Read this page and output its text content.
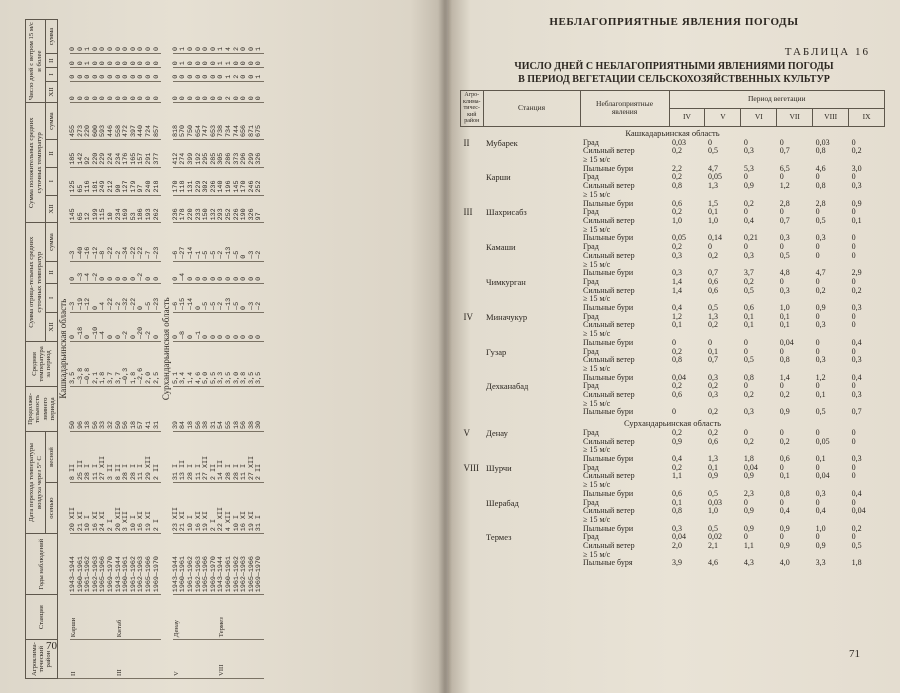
Агроклима-тический район	Станция	Годы наблюдений	Дата перехода температуры воздуха через 5° С		Продолжи-тельность зимнего периода	Средняя температура за период	Сумма отрица-тельных средних суточных температур				Сумма положительных средних суточных температур				Число дней с ветром 15 м/с и более			
			осенью	весной			XII	I	II	сумма	XII	I	II	сумма	XII	I	II	сумма
Кашкадарьинская область																		
II	Карши	1943—1944	20 XII	8 II	50	3,5	0	—3	0	—3	145	125	185	455	0	0	0	0
		1960—1961	21 XI	25 II	96	—3,8	—18	—19	—3	—40	65	65	142	273	0	0	0	0
		1961—1962	10 I	28 I	18	—0,8	0	—12	—4	—16	12	116	92	220	0	0	1	1
		1962—1963	16 XI	11 I	56	2,1	—10	0	—2	—12	199	181	220	600	0	0	0	0
		1965—1966	24 XI	27 XII	33	1,8	—4	—4	0	—8	115	249	229	593	0	0	0	0
		1969—1970	2 I	3 II	32	3,7	0	—22	0	—22	10	212	224	446	0	0	0	0
III	Китаб	1943—1944	20 XII	8 II	50	3,7	0	—2	0	—2	234	90	234	558	0	0	0	0
		1960—1961	3 XII	28 I	56	—0,3	—2	—32	0	—34	169	127	176	472	0	0	0	0
		1961—1962	10 I	28 I	18	1,8	0	—22	0	—22	53	179	165	397	0	0	0	0
		1962—1963	16 XI	11 I	57	—2,6	—20	0	—2	—22	186	97	157	440	0	0	0	0
		1965—1966	19 XI	29 XII	41	2,0	—2	—5	0	—7	193	240	291	724	0	0	0	0
		1969—1970	2 I	2 II	31	2,5	0	—23	0	—23	262	218	377	857	0	0	0	0
Сурхандарьинская область																		
V	Денау	1943—1944	23 XII	31 I	39	5,1	0	—6	0	—6	236	170	412	818	0	0	0	0
		1960—1961	21 XI	13 II	84	3,4	—8	—15	—4	—27	178	118	274	570	0	0	1	1
		1961—1962	10 I	28 I	18	1,4	0	—14	0	—14	220	131	399	750	0	0	0	0
		1962—1963	16 XI	11 I	56	4,6	—1	0	0	—1	233	229	192	654	0	0	0	0
		1965—1966	19 XI	27 XII	38	5,0	0	—5	0	—5	150	302	295	747	0	0	0	0
		1969—1970	2 I	2 II	31	5,5	0	—5	0	—5	132	236	285	653	0	0	0	0
VIII	Термез	1943—1944	22 XII	14 II	54	3,3	0	—2	0	—2	293	140	305	738	0	0	1	1
		1960—1961	4 XII	28 I	55	3,5	0	—13	0	—13	252	196	286	734	2	1	1	4
		1961—1962	10 I	28 I	18	3,0	0	—5	0	—5	226	145	373	744	0	2	0	2
		1962—1963	16 XI	11 I	56	3,8	0	0	0	0	190	170	296	656	0	0	0	0
		1965—1966	19 XI	27 XII	38	3,5	0	—3	0	—3	326	246	299	871	0	0	0	0
		1969—1970	31 I	2 II	30	3,5	0	—2	0	—2	97	252	326	675	0	1	0	1
70
НЕБЛАГОПРИЯТНЫЕ ЯВЛЕНИЯ ПОГОДЫ
ТАБЛИЦА 16
ЧИСЛО ДНЕЙ С НЕБЛАГОПРИЯТНЫМИ ЯВЛЕНИЯМИ ПОГОДЫ
В ПЕРИОД ВЕГЕТАЦИИ СЕЛЬСКОХОЗЯЙСТВЕННЫХ КУЛЬТУР
Агро-клима-тичес-кий район	Станция	Неблагоприятные явления	Период вегетации					
			IV	V	VI	VII	VIII	IX
Кашкадарьинская область								
II	Мубарек	Град	0,03	0	0	0	0,03	0
		Сильный ветер	0,2	0,5	0,3	0,7	0,8	0,2
		≥ 15 м/с						
		Пыльные бури	2,2	4,7	5,3	6,5	4,6	3,0
	Карши	Град	0,2	0,05	0	0	0	0
		Сильный ветер	0,8	1,3	0,9	1,2	0,8	0,3
		≥ 15 м/с						
		Пыльные бури	0,6	1,5	0,2	2,8	2,8	0,9
III	Шахрисабз	Град	0,2	0,1	0	0	0	0
		Сильный ветер	1,0	1,0	0,4	0,7	0,5	0,1
		≥ 15 м/с						
		Пыльные бури	0,05	0,14	0,21	0,3	0,3	0
	Камаши	Град	0,2	0	0	0	0	0
		Сильный ветер	0,3	0,2	0,3	0,5	0	0
		≥ 15 м/с						
		Пыльные бури	0,3	0,7	3,7	4,8	4,7	2,9
	Чимкурган	Град	1,4	0,6	0,2	0	0	0
		Сильный ветер	1,4	0,6	0,5	0,3	0,2	0,2
		≥ 15 м/с						
		Пыльные бури	0,4	0,5	0,6	1,0	0,9	0,3
IV	Миначукур	Град	1,2	1,3	0,1	0,1	0	0
		Сильный ветер	0,1	0,2	0,1	0,1	0,3	0
		≥ 15 м/с						
		Пыльные бури	0	0	0	0,04	0	0,4
	Гузар	Град	0,2	0,1	0	0	0	0
		Сильный ветер	0,8	0,7	0,5	0,8	0,3	0,3
		≥ 15 м/с						
		Пыльные бури	0,04	0,3	0,8	1,4	1,2	0,4
	Дехканабад	Град	0,2	0,2	0	0	0	0
		Сильный ветер	0,6	0,3	0,2	0,2	0,1	0,3
		≥ 15 м/с						
		Пыльные бури	0	0,2	0,3	0,9	0,5	0,7
Сурхандарьинская область								
V	Денау	Град	0,2	0,2	0	0	0	0
		Сильный ветер	0,9	0,6	0,2	0,2	0,05	0
		≥ 15 м/с						
		Пыльные бури	0,4	1,3	1,8	0,6	0,1	0,3
VIII	Шурчи	Град	0,2	0,1	0,04	0	0	0
		Сильный ветер	1,1	0,9	0,9	0,1	0,04	0
		≥ 15 м/с						
		Пыльные бури	0,6	0,5	2,3	0,8	0,3	0,4
	Шерабад	Град	0,1	0,03	0	0	0	0
		Сильный ветер	0,8	1,0	0,9	0,4	0,4	0,04
		≥ 15 м/с						
		Пыльные бури	0,3	0,5	0,9	0,9	1,0	0,2
	Термез	Град	0,04	0,02	0	0	0	0
		Сильный ветер	2,0	2,1	1,1	0,9	0,9	0,5
		≥ 15 м/с						
		Пыльные буря	3,9	4,6	4,3	4,0	3,3	1,8
71
